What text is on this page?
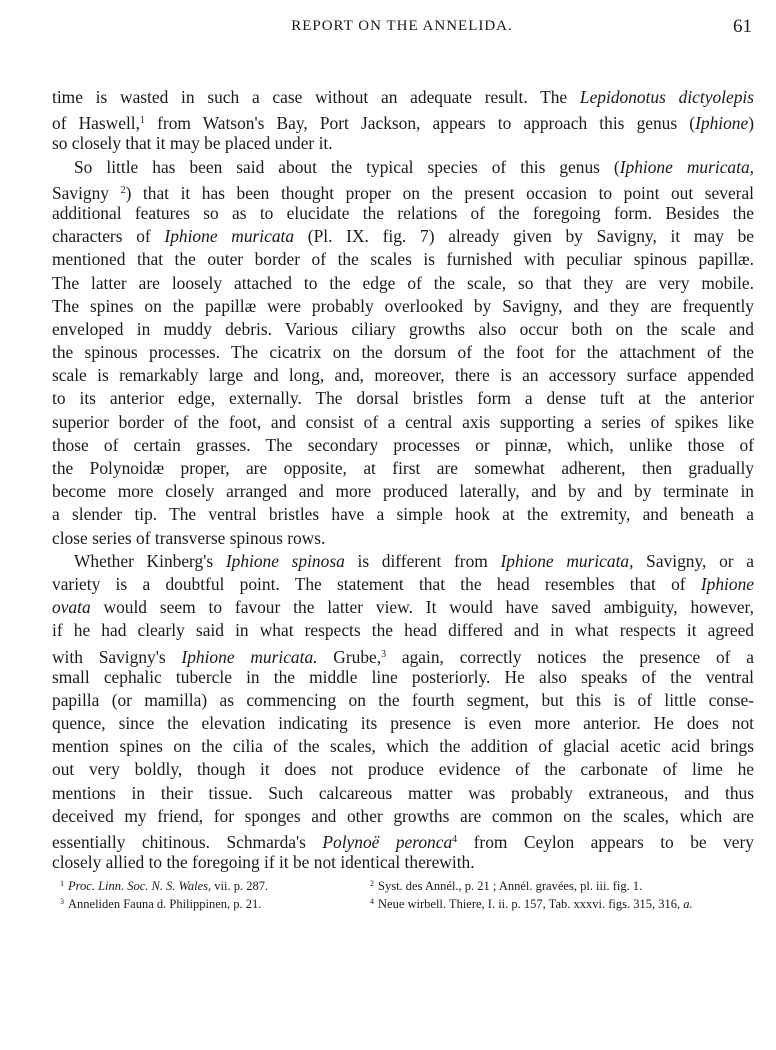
REPORT ON THE ANNELIDA.	61
time is wasted in such a case without an adequate result. The Lepidonotus dictyolepis
of Haswell,$^1$ from Watson's Bay, Port Jackson, appears to approach this genus (Iphione)
so closely that it may be placed under it.
So little has been said about the typical species of this genus (Iphione muricata,
Savigny $^2$) that it has been thought proper on the present occasion to point out several
additional features so as to elucidate the relations of the foregoing form. Besides the
characters of Iphione muricata (Pl. IX. fig. 7) already given by Savigny, it may be
mentioned that the outer border of the scales is furnished with peculiar spinous papillæ.
The latter are loosely attached to the edge of the scale, so that they are very mobile.
The spines on the papillæ were probably overlooked by Savigny, and they are frequently
enveloped in muddy debris. Various ciliary growths also occur both on the scale and
the spinous processes. The cicatrix on the dorsum of the foot for the attachment of the
scale is remarkably large and long, and, moreover, there is an accessory surface appended
to its anterior edge, externally. The dorsal bristles form a dense tuft at the anterior
superior border of the foot, and consist of a central axis supporting a series of spikes like
those of certain grasses. The secondary processes or pinnæ, which, unlike those of
the Polynoidæ proper, are opposite, at first are somewhat adherent, then gradually
become more closely arranged and more produced laterally, and by and by terminate in
a slender tip. The ventral bristles have a simple hook at the extremity, and beneath a
close series of transverse spinous rows.
Whether Kinberg's Iphione spinosa is different from Iphione muricata, Savigny, or a
variety is a doubtful point. The statement that the head resembles that of Iphione
ovata would seem to favour the latter view. It would have saved ambiguity, however,
if he had clearly said in what respects the head differed and in what respects it agreed
with Savigny's Iphione muricata. Grube,$^3$ again, correctly notices the presence of a
small cephalic tubercle in the middle line posteriorly. He also speaks of the ventral
papilla (or mamilla) as commencing on the fourth segment, but this is of little conse-
quence, since the elevation indicating its presence is even more anterior. He does not
mention spines on the cilia of the scales, which the addition of glacial acetic acid brings
out very boldly, though it does not produce evidence of the carbonate of lime he
mentions in their tissue. Such calcareous matter was probably extraneous, and thus
deceived my friend, for sponges and other growths are common on the scales, which are
essentially chitinous. Schmarda's Polynoë peronca$^4$ from Ceylon appears to be very
closely allied to the foregoing if it be not identical therewith.
$^1$ Proc. Linn. Soc. N. S. Wales, vii. p. 287.	$^2$ Syst. des Annél., p. 21 ; Annél. gravées, pl. iii. fig. 1.
$^3$ Anneliden Fauna d. Philippinen, p. 21.	$^4$ Neue wirbell. Thiere, I. ii. p. 157, Tab. xxxvi. figs. 315, 316, a.
